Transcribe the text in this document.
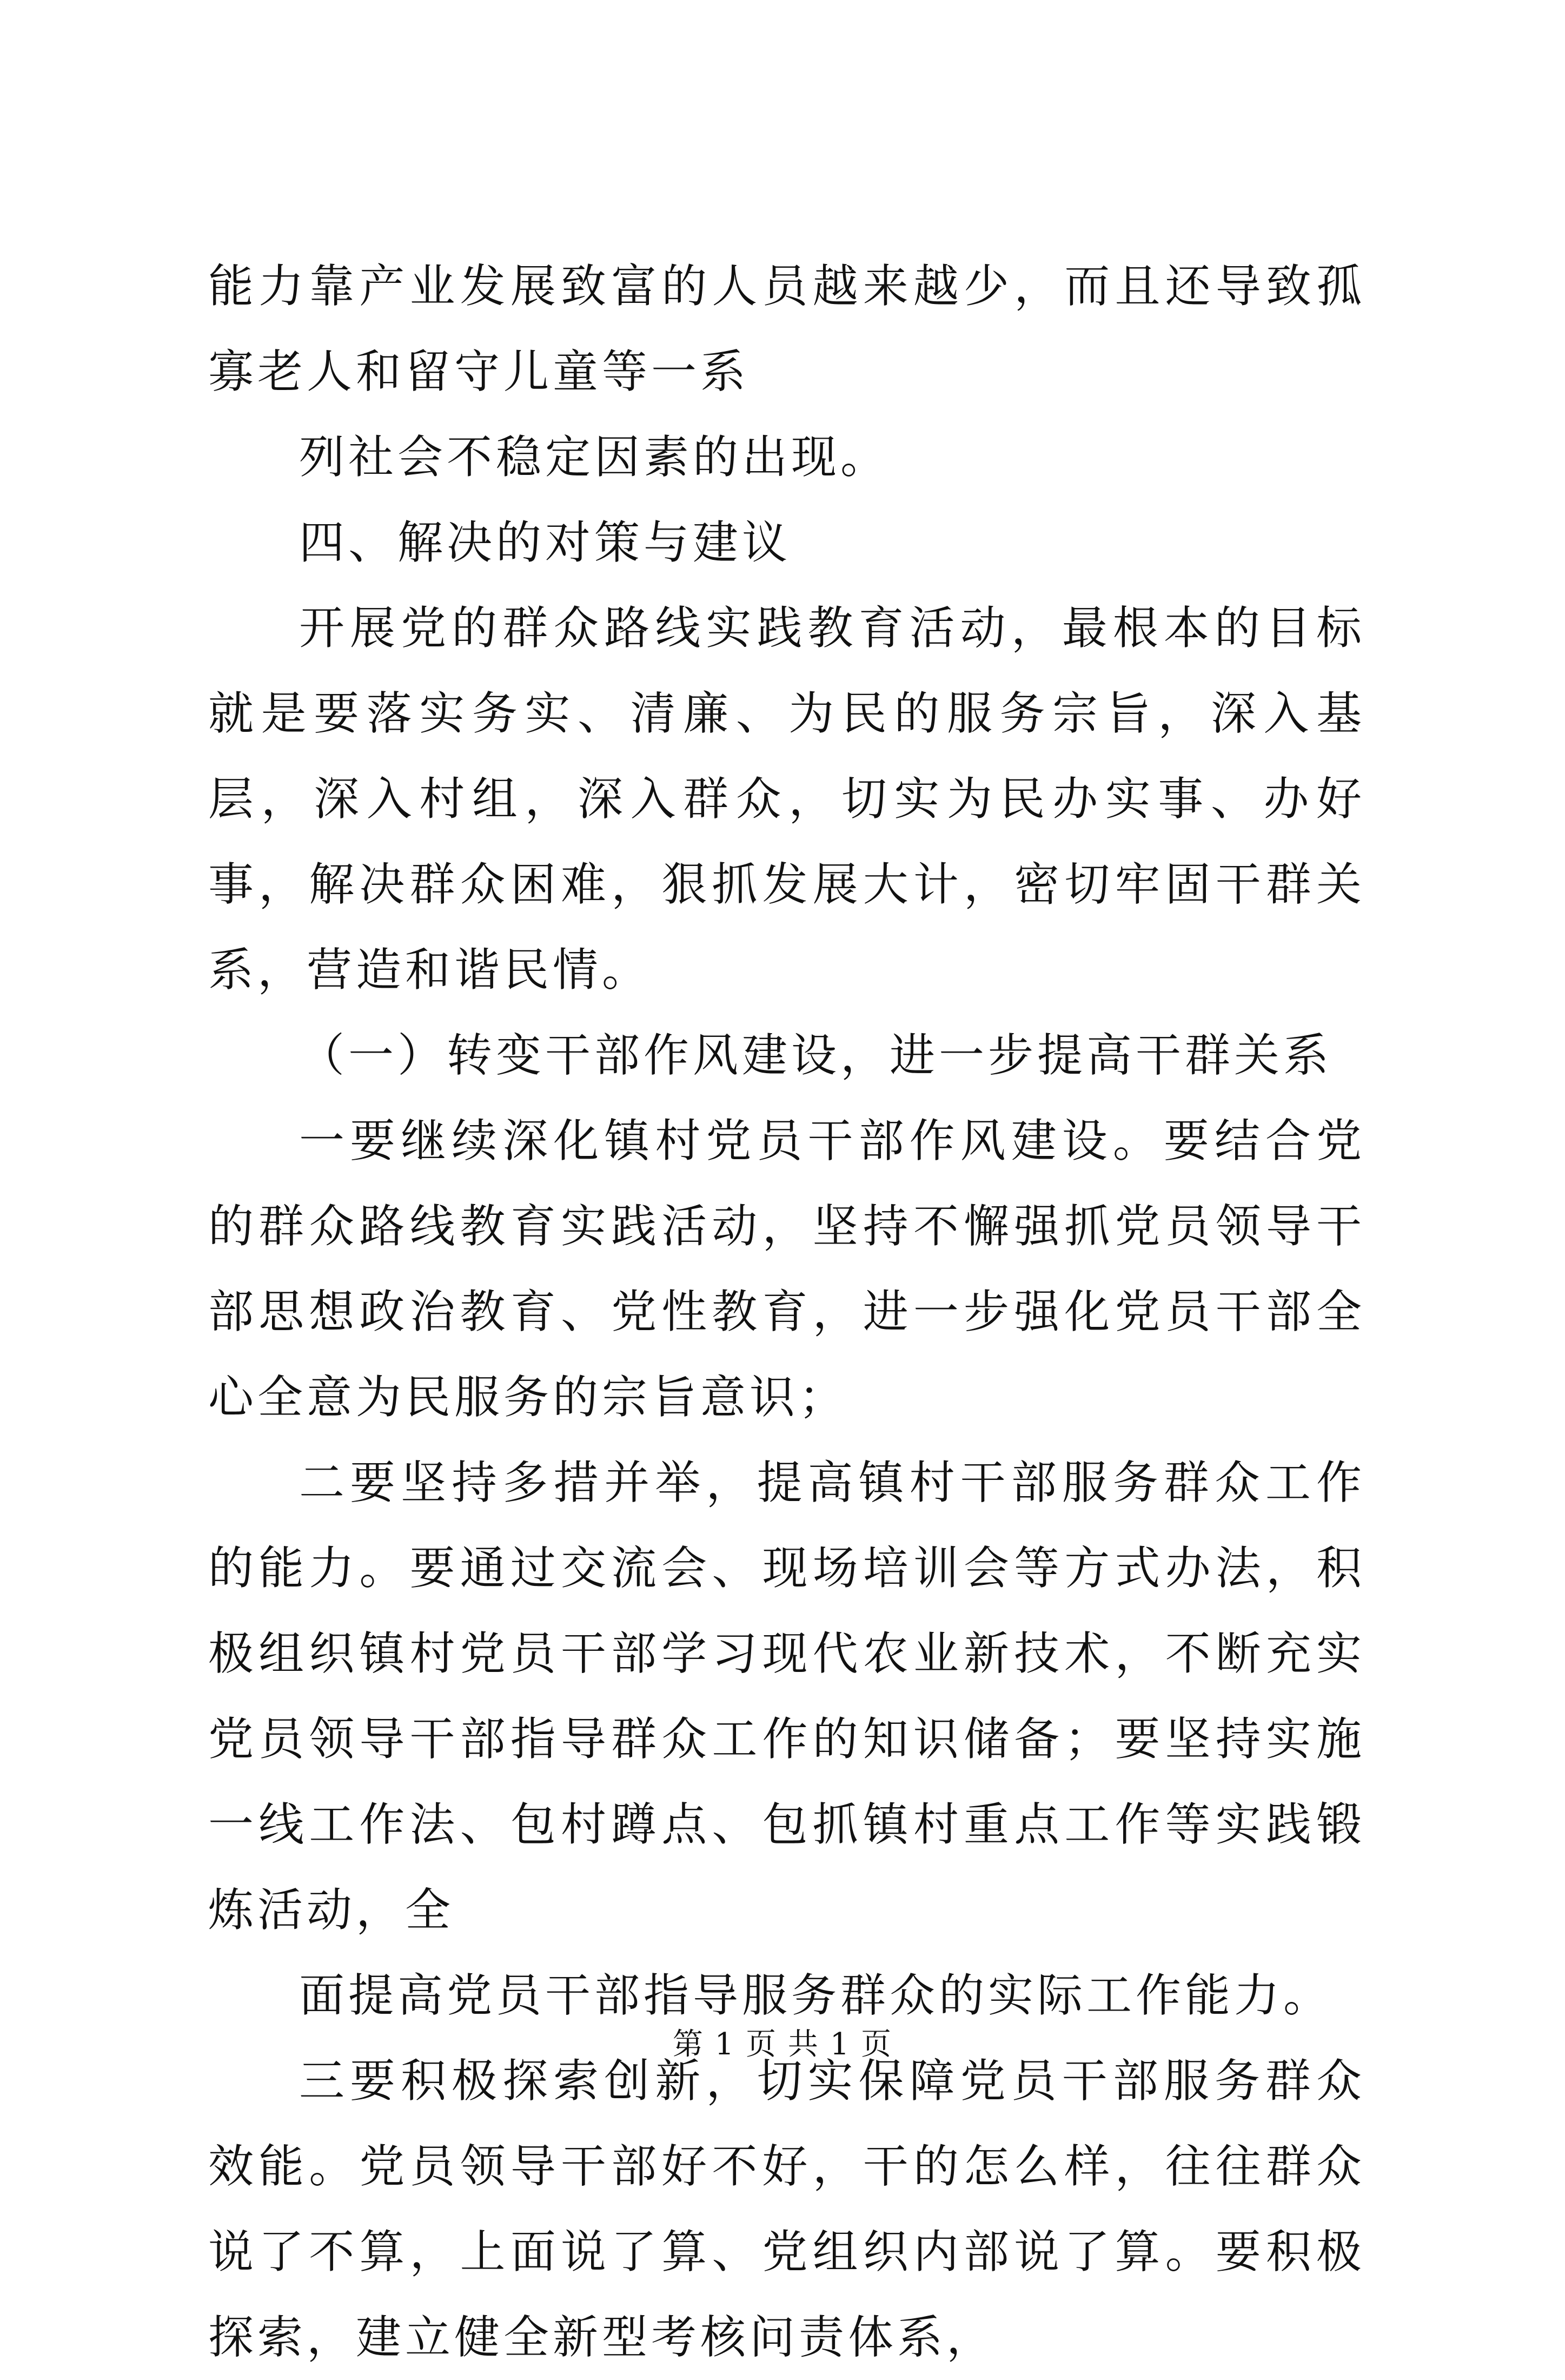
能力靠产业发展致富的人员越来越少，而且还导致孤寡老人和留守儿童等一系

列社会不稳定因素的出现。

四、解决的对策与建议

开展党的群众路线实践教育活动，最根本的目标就是要落实务实、清廉、为民的服务宗旨，深入基层，深入村组，深入群众，切实为民办实事、办好事，解决群众困难，狠抓发展大计，密切牢固干群关系，营造和谐民情。

（一）转变干部作风建设，进一步提高干群关系

一要继续深化镇村党员干部作风建设。要结合党的群众路线教育实践活动，坚持不懈强抓党员领导干部思想政治教育、党性教育，进一步强化党员干部全心全意为民服务的宗旨意识；

二要坚持多措并举，提高镇村干部服务群众工作的能力。要通过交流会、现场培训会等方式办法，积极组织镇村党员干部学习现代农业新技术，不断充实党员领导干部指导群众工作的知识储备；要坚持实施一线工作法、包村蹲点、包抓镇村重点工作等实践锻炼活动，全

面提高党员干部指导服务群众的实际工作能力。

三要积极探索创新，切实保障党员干部服务群众效能。党员领导干部好不好，干的怎么样，往往群众说了不算，上面说了算、党组织内部说了算。要积极探索，建立健全新型考核问责体系，

第 1 页 共 1 页
